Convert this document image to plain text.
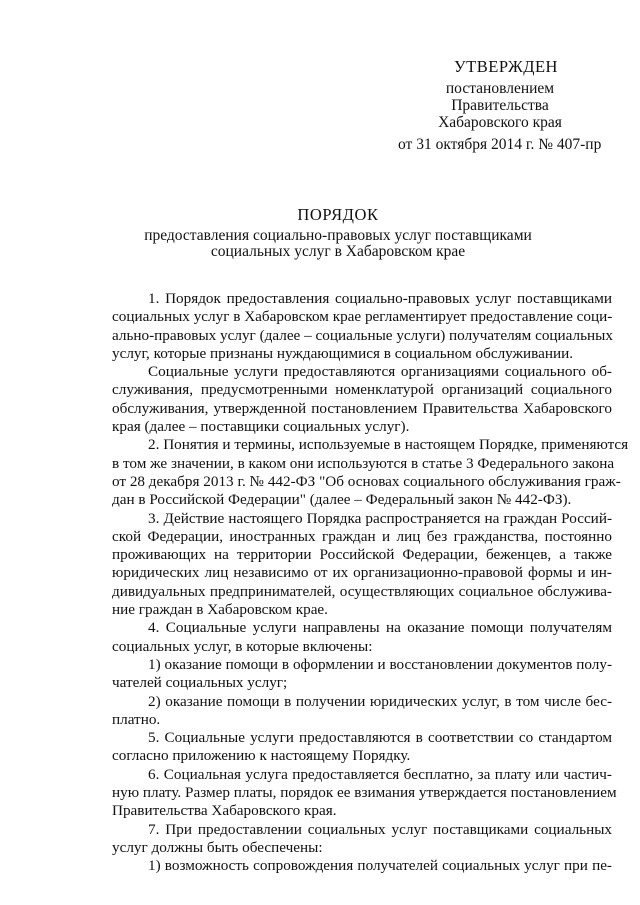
УТВЕРЖДЕН
постановлением
Правительства
Хабаровского края
от 31 октября 2014 г. № 407-пр
ПОРЯДОК
предоставления социально-правовых услуг поставщиками
социальных услуг в Хабаровском крае
1. Порядок предоставления социально-правовых услуг поставщиками
социальных услуг в Хабаровском крае регламентирует предоставление соци-
ально-правовых услуг (далее – социальные услуги) получателям социальных
услуг, которые признаны нуждающимися в социальном обслуживании.
Социальные услуги предоставляются организациями социального об-
служивания, предусмотренными номенклатурой организаций социального
обслуживания, утвержденной постановлением Правительства Хабаровского
края (далее – поставщики социальных услуг).
2. Понятия и термины, используемые в настоящем Порядке, применяются
в том же значении, в каком они используются в статье 3 Федерального закона
от 28 декабря 2013 г. № 442-ФЗ "Об основах социального обслуживания граж-
дан в Российской Федерации" (далее – Федеральный закон № 442-ФЗ).
3. Действие настоящего Порядка распространяется на граждан Россий-
ской Федерации, иностранных граждан и лиц без гражданства, постоянно
проживающих на территории Российской Федерации, беженцев, а также
юридических лиц независимо от их организационно-правовой формы и ин-
дивидуальных предпринимателей, осуществляющих социальное обслужива-
ние граждан в Хабаровском крае.
4. Социальные услуги направлены на оказание помощи получателям
социальных услуг, в которые включены:
1) оказание помощи в оформлении и восстановлении документов полу-
чателей социальных услуг;
2) оказание помощи в получении юридических услуг, в том числе бес-
платно.
5. Социальные услуги предоставляются в соответствии со стандартом
согласно приложению к настоящему Порядку.
6. Социальная услуга предоставляется бесплатно, за плату или частич-
ную плату. Размер платы, порядок ее взимания утверждается постановлением
Правительства Хабаровского края.
7. При предоставлении социальных услуг поставщиками социальных
услуг должны быть обеспечены:
1) возможность сопровождения получателей социальных услуг при пе-
